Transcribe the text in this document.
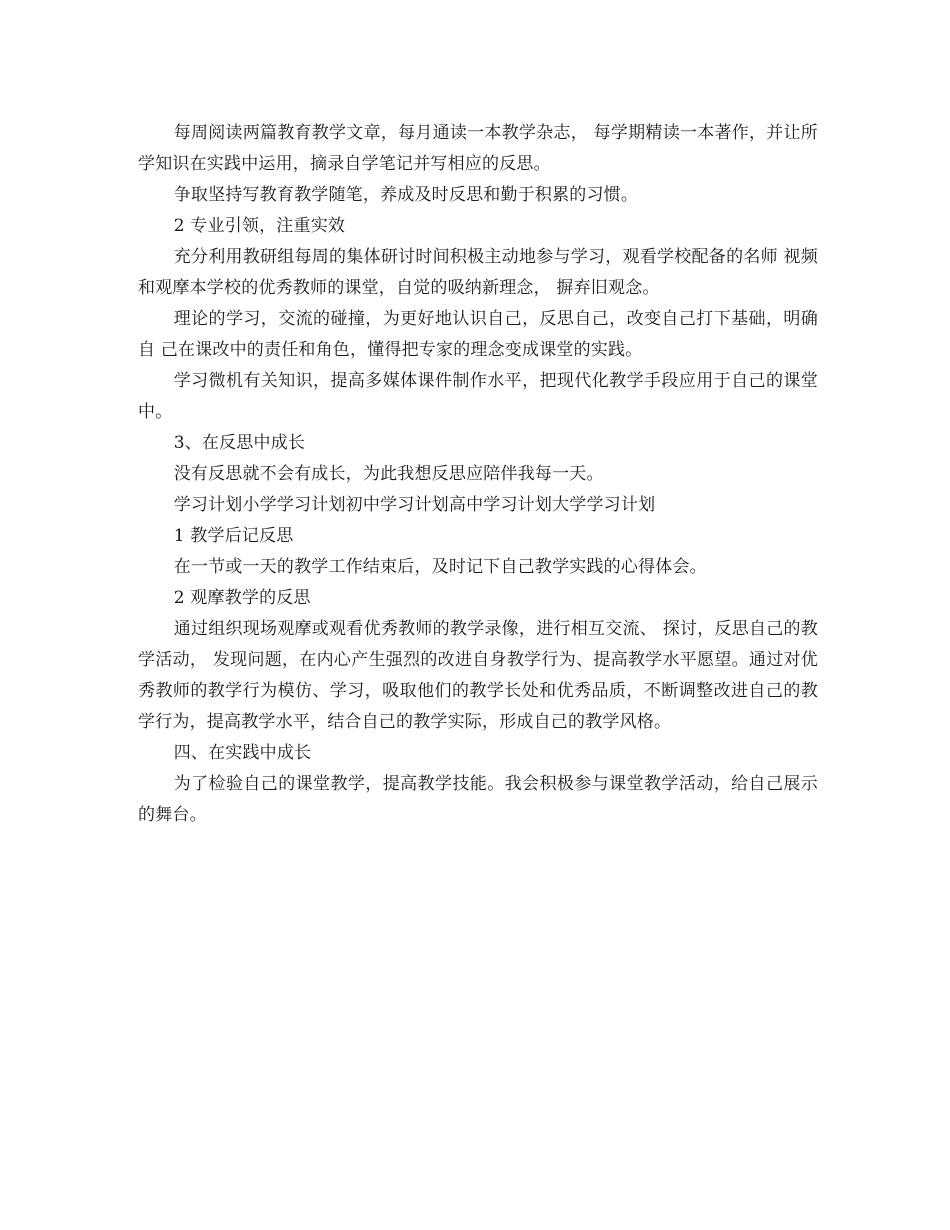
每周阅读两篇教育教学文章，每月通读一本教学杂志， 每学期精读一本著作，并让所学知识在实践中运用，摘录自学笔记并写相应的反思。

争取坚持写教育教学随笔，养成及时反思和勤于积累的习惯。

2 专业引领，注重实效

充分利用教研组每周的集体研讨时间积极主动地参与学习，观看学校配备的名师 视频和观摩本学校的优秀教师的课堂，自觉的吸纳新理念， 摒弃旧观念。

理论的学习，交流的碰撞，为更好地认识自己，反思自己，改变自己打下基础，明确自 己在课改中的责任和角色，懂得把专家的理念变成课堂的实践。

学习微机有关知识，提高多媒体课件制作水平，把现代化教学手段应用于自己的课堂中。

3、在反思中成长

没有反思就不会有成长，为此我想反思应陪伴我每一天。

学习计划小学学习计划初中学习计划高中学习计划大学学习计划

1 教学后记反思

在一节或一天的教学工作结束后，及时记下自己教学实践的心得体会。

2 观摩教学的反思

通过组织现场观摩或观看优秀教师的教学录像，进行相互交流、 探讨，反思自己的教学活动， 发现问题，在内心产生强烈的改进自身教学行为、提高教学水平愿望。通过对优秀教师的教学行为模仿、学习，吸取他们的教学长处和优秀品质，不断调整改进自己的教学行为，提高教学水平，结合自己的教学实际，形成自己的教学风格。

四、在实践中成长

为了检验自己的课堂教学，提高教学技能。我会积极参与课堂教学活动，给自己展示的舞台。
